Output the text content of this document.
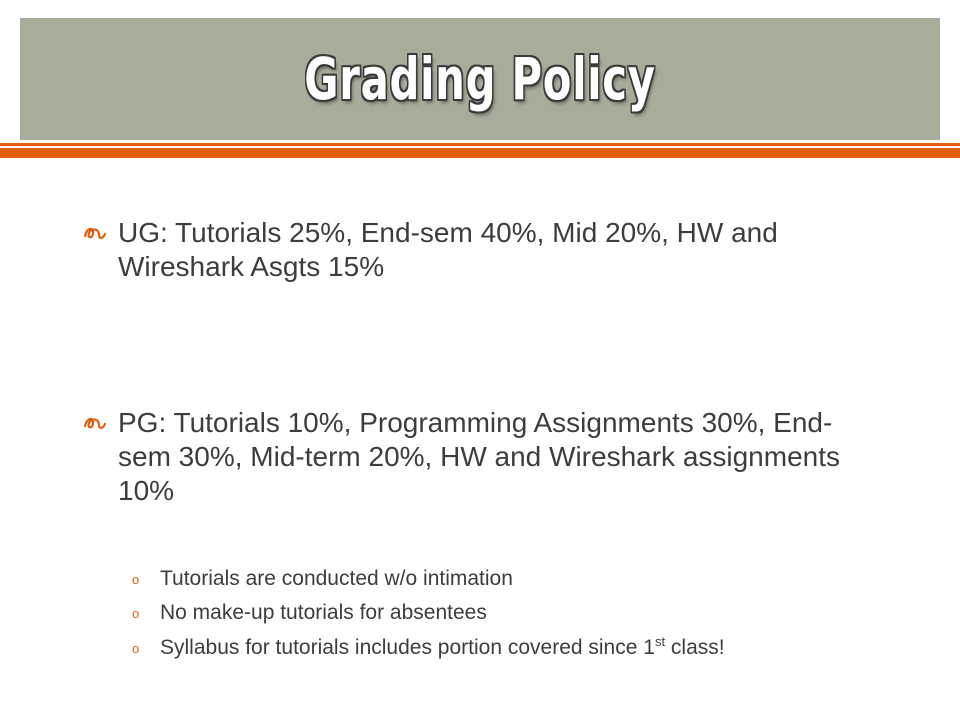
Grading Policy
UG: Tutorials 25%, End-sem 40%, Mid 20%, HW and Wireshark Asgts 15%
PG: Tutorials 10%, Programming Assignments 30%, End-sem 30%, Mid-term 20%, HW and Wireshark assignments 10%
o Tutorials are conducted w/o intimation
o No make-up tutorials for absentees
o Syllabus for tutorials includes portion covered since 1st class!
